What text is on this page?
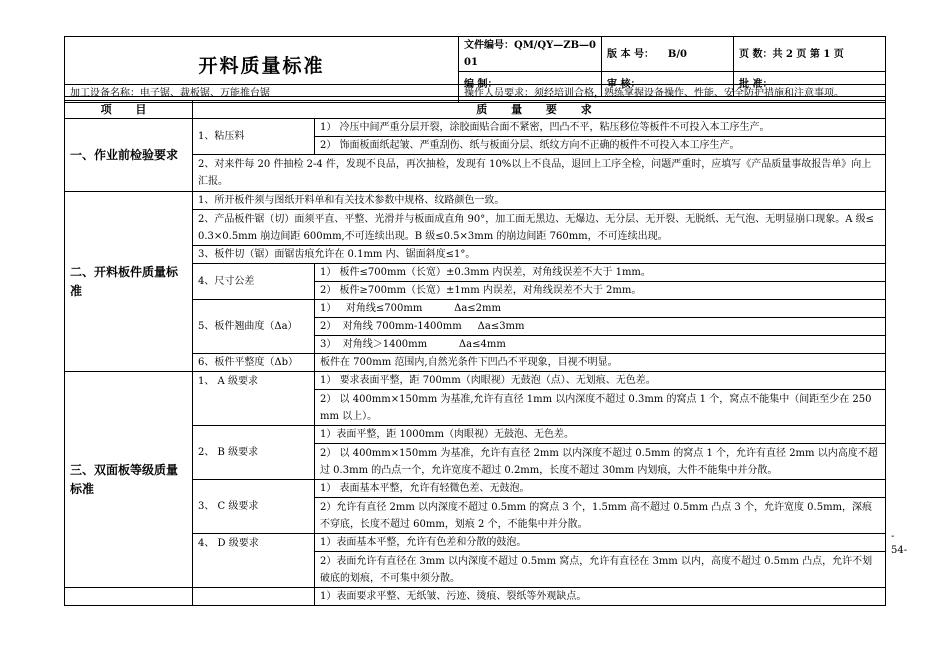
开料质量标准	文件编号：QM/QY—ZB—001	版 本 号： B/0	页 数：共 2 页 第 1 页
	编 制：	审 核：	批 准：
加工设备名称：电子锯、裁板锯、万能推台锯	操作人员要求：须经培训合格，熟练掌握设备操作、性能、安全防护措施和注意事项。
项 目	质 量 要 求	
一、作业前检验要求	1、粘压料	1） 冷压中间严重分层开裂，涂胶面贴合面不紧密，凹凸不平，粘压移位等板件不可投入本工序生产。
		2） 饰面板面纸起皱、严重刮伤、纸与板面分层、纸纹方向不正确的板件不可投入本工序生产。
	2、对来件每 20 件抽检 2-4 件，发现不良品，再次抽检，发现有 10%以上不良品，退回上工序全检，问题严重时，应填写《产品质量事故报告单》向上汇报。	
二、开料板件质量标准	1、所开板件须与图纸开料单和有关技术参数中规格、纹路颜色一致。	
	2、产品板件锯（切）面须平直、平整、光滑并与板面成直角 90°，加工面无黑边、无爆边、无分层、无开裂、无脱纸、无气泡、无明显崩口现象。A 级≤0.3×0.5mm 崩边间距 600mm,不可连续出现。B 级≤0.5×3mm 的崩边间距 760mm，不可连续出现。	
	3、板件切（锯）面锯齿痕允许在 0.1mm 内、锯面斜度≤1°。	
	4、尺寸公差	1） 板件≤700mm（长宽）±0.3mm 内误差，对角线误差不大于 1mm。
		2） 板件≥700mm（长宽）±1mm 内误差，对角线误差不大于 2mm。
	5、板件翘曲度（Δa）	1）   对角线≤700mm          Δa≤2mm
		2）  对角线 700mm-1400mm     Δa≤3mm
		3）  对角线＞1400mm          Δa≤4mm
	6、板件平整度（Δb）	板件在 700mm 范围内,自然光条件下凹凸不平现象，目视不明显。
三、双面板等级质量标准	1、 A 级要求	1） 要求表面平整，距 700mm（肉眼视）无鼓泡（点）、无划痕、无色差。
		2） 以 400mm×150mm 为基准,允许有直径 1mm 以内深度不超过 0.3mm 的窝点 1 个，窝点不能集中（间距至少在 250mm 以上）。
	2、 B 级要求	1）表面平整，距 1000mm（肉眼视）无鼓泡、无色差。
		2） 以 400mm×150mm 为基准，允许有直径 2mm 以内深度不超过 0.5mm 的窝点 1 个，允许有直径 2mm 以内高度不超过 0.3mm 的凸点一个，允许宽度不超过 0.2mm，长度不超过 30mm 内划痕，大件不能集中并分散。
	3、 C 级要求	1） 表面基本平整，允许有轻微色差、无鼓泡。
		2）允许有直径 2mm 以内深度不超过 0.5mm 的窝点 3 个，1.5mm 高不超过 0.5mm 凸点 3 个，允许宽度 0.5mm，深痕不穿底，长度不超过 60mm，划痕 2 个，不能集中并分散。
	4、 D 级要求	1）表面基本平整，允许有色差和分散的鼓泡。
		2）表面允许有直径在 3mm 以内深度不超过 0.5mm 窝点，允许有直径在 3mm 以内，高度不超过 0.5mm 凸点，允许不划破底的划痕，不可集中须分散。
		1）表面要求平整、无纸皱、污迹、烫痕、裂纸等外观缺点。
-
54-
